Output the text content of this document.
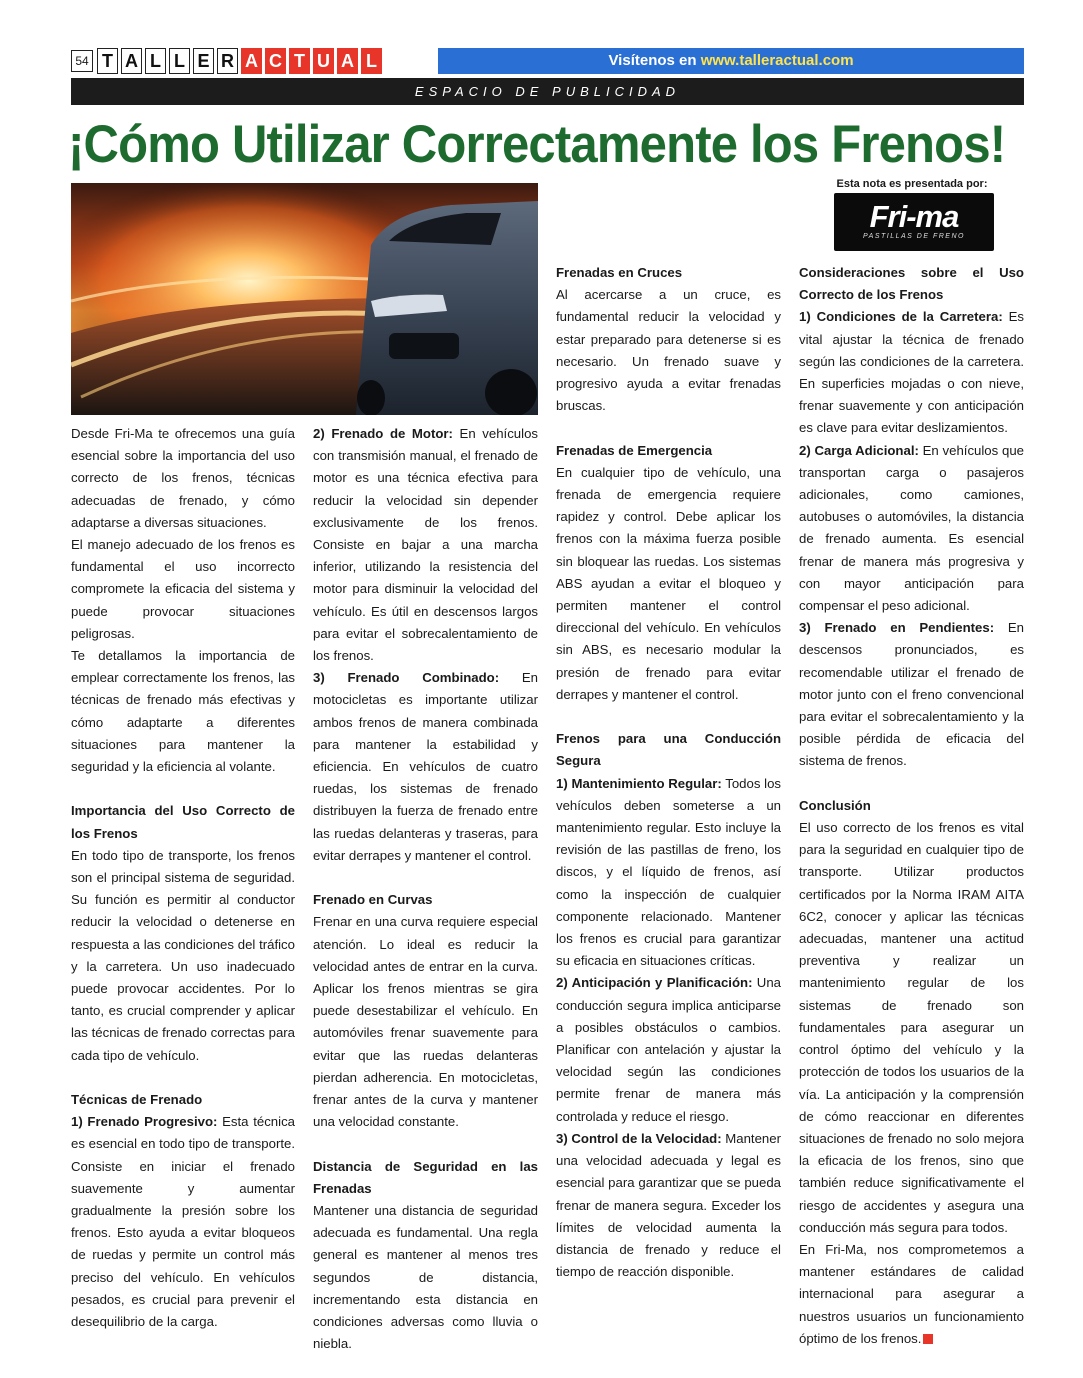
54 T A L L E R A C T U A L	Visítenos en www.talleractual.com
ESPACIO DE PUBLICIDAD
¡Cómo Utilizar Correctamente los Frenos!
Esta nota es presentada por:
Fri-ma
PASTILLAS DE FRENO

Desde Fri-Ma te ofrecemos una guía esencial sobre la importancia del uso correcto de los frenos, técnicas adecuadas de frenado, y cómo adaptarse a diversas situaciones.

El manejo adecuado de los frenos es fundamental el uso incorrecto compromete la eficacia del sistema y puede provocar situaciones peligrosas.

Te detallamos la importancia de emplear correctamente los frenos, las técnicas de frenado más efectivas y cómo adaptarte a diferentes situaciones para mantener la seguridad y la eficiencia al volante.

Importancia del Uso Correcto de los Frenos

En todo tipo de transporte, los frenos son el principal sistema de seguridad. Su función es permitir al conductor reducir la velocidad o detenerse en respuesta a las condiciones del tráfico y la carretera. Un uso inadecuado puede provocar accidentes. Por lo tanto, es crucial comprender y aplicar las técnicas de frenado correctas para cada tipo de vehículo.

Técnicas de Frenado

1) Frenado Progresivo: Esta técnica es esencial en todo tipo de transporte. Consiste en iniciar el frenado suavemente y aumentar gradualmente la presión sobre los frenos. Esto ayuda a evitar bloqueos de ruedas y permite un control más preciso del vehículo. En vehículos pesados, es crucial para prevenir el desequilibrio de la carga.

2) Frenado de Motor: En vehículos con transmisión manual, el frenado de motor es una técnica efectiva para reducir la velocidad sin depender exclusivamente de los frenos. Consiste en bajar a una marcha inferior, utilizando la resistencia del motor para disminuir la velocidad del vehículo. Es útil en descensos largos para evitar el sobrecalentamiento de los frenos.

3) Frenado Combinado: En motocicletas es importante utilizar ambos frenos de manera combinada para mantener la estabilidad y eficiencia. En vehículos de cuatro ruedas, los sistemas de frenado distribuyen la fuerza de frenado entre las ruedas delanteras y traseras, para evitar derrapes y mantener el control.

Frenado en Curvas

Frenar en una curva requiere especial atención. Lo ideal es reducir la velocidad antes de entrar en la curva. Aplicar los frenos mientras se gira puede desestabilizar el vehículo. En automóviles frenar suavemente para evitar que las ruedas delanteras pierdan adherencia. En motocicletas, frenar antes de la curva y mantener una velocidad constante.

Distancia de Seguridad en las Frenadas

Mantener una distancia de seguridad adecuada es fundamental. Una regla general es mantener al menos tres segundos de distancia, incrementando esta distancia en condiciones adversas como lluvia o niebla.

Frenadas en Cruces

Al acercarse a un cruce, es fundamental reducir la velocidad y estar preparado para detenerse si es necesario. Un frenado suave y progresivo ayuda a evitar frenadas bruscas.

Frenadas de Emergencia

En cualquier tipo de vehículo, una frenada de emergencia requiere rapidez y control. Debe aplicar los frenos con la máxima fuerza posible sin bloquear las ruedas. Los sistemas ABS ayudan a evitar el bloqueo y permiten mantener el control direccional del vehículo. En vehículos sin ABS, es necesario modular la presión de frenado para evitar derrapes y mantener el control.

Frenos para una Conducción Segura

1) Mantenimiento Regular: Todos los vehículos deben someterse a un mantenimiento regular. Esto incluye la revisión de las pastillas de freno, los discos, y el líquido de frenos, así como la inspección de cualquier componente relacionado. Mantener los frenos es crucial para garantizar su eficacia en situaciones críticas.

2) Anticipación y Planificación: Una conducción segura implica anticiparse a posibles obstáculos o cambios. Planificar con antelación y ajustar la velocidad según las condiciones permite frenar de manera más controlada y reduce el riesgo.

3) Control de la Velocidad: Mantener una velocidad adecuada y legal es esencial para garantizar que se pueda frenar de manera segura. Exceder los límites de velocidad aumenta la distancia de frenado y reduce el tiempo de reacción disponible.

Consideraciones sobre el Uso Correcto de los Frenos

1) Condiciones de la Carretera: Es vital ajustar la técnica de frenado según las condiciones de la carretera. En superficies mojadas o con nieve, frenar suavemente y con anticipación es clave para evitar deslizamientos.

2) Carga Adicional: En vehículos que transportan carga o pasajeros adicionales, como camiones, autobuses o automóviles, la distancia de frenado aumenta. Es esencial frenar de manera más progresiva y con mayor anticipación para compensar el peso adicional.

3) Frenado en Pendientes: En descensos pronunciados, es recomendable utilizar el frenado de motor junto con el freno convencional para evitar el sobrecalentamiento y la posible pérdida de eficacia del sistema de frenos.

Conclusión

El uso correcto de los frenos es vital para la seguridad en cualquier tipo de transporte. Utilizar productos certificados por la Norma IRAM AITA 6C2, conocer y aplicar las técnicas adecuadas, mantener una actitud preventiva y realizar un mantenimiento regular de los sistemas de frenado son fundamentales para asegurar un control óptimo del vehículo y la protección de todos los usuarios de la vía. La anticipación y la comprensión de cómo reaccionar en diferentes situaciones de frenado no solo mejora la eficacia de los frenos, sino que también reduce significativamente el riesgo de accidentes y asegura una conducción más segura para todos.

En Fri-Ma, nos comprometemos a mantener estándares de calidad internacional para asegurar a nuestros usuarios un funcionamiento óptimo de los frenos.
